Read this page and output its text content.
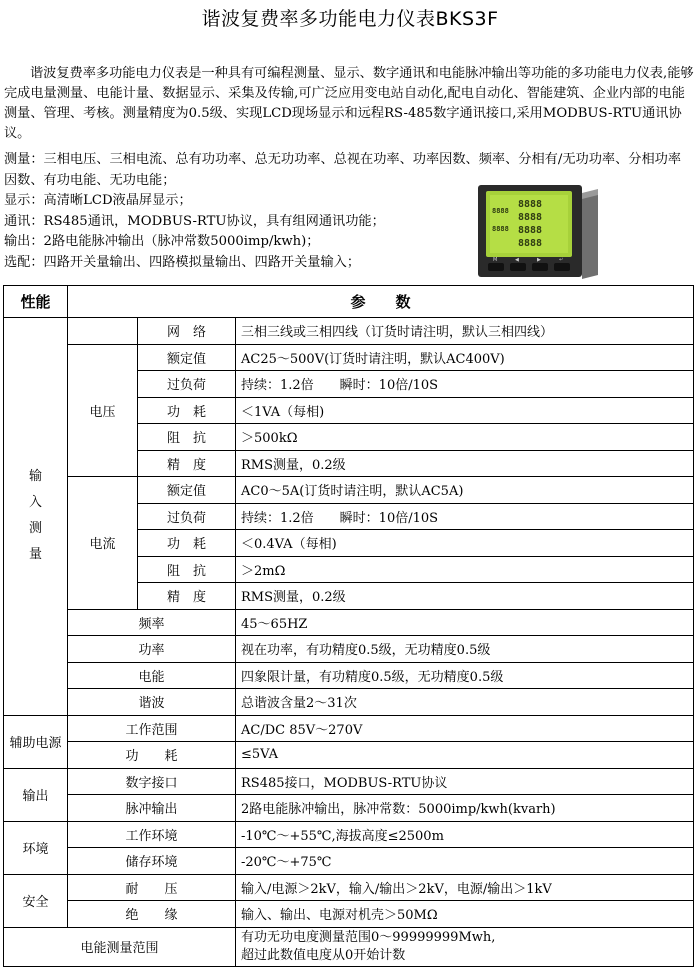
谐波复费率多功能电力仪表BKS3F

谐波复费率多功能电力仪表是一种具有可编程测量、显示、数字通讯和电能脉冲输出等功能的多功能电力仪表,能够完成电量测量、电能计量、数据显示、采集及传输,可广泛应用变电站自动化,配电自动化、智能建筑、企业内部的电能测量、管理、考核。测量精度为0.5级、实现LCD现场显示和远程RS-485数字通讯接口,采用MODBUS-RTU通讯协议。

测量：三相电压、三相电流、总有功功率、总无功功率、总视在功率、功率因数、频率、分相有/无功功率、分相功率因数、有功电能、无功电能；

显示：高清晰LCD液晶屏显示；

通讯：RS485通讯，MODBUS-RTU协议，具有组网通讯功能；

输出：2路电能脉冲输出（脉冲常数5000imp/kwh)；

选配：四路开关量输出、四路模拟量输出、四路开关量输入；

8888
8888
8888
8888
8888
8888
M	◀	▶	↵
性能	参　　数		
输入测量		网　络	三相三线或三相四线（订货时请注明，默认三相四线）
	电压	额定值	AC25～500V(订货时请注明，默认AC400V)
		过负荷	持续：1.2倍　　瞬时：10倍/10S
		功　耗	＜1VA（每相)
		阻　抗	＞500kΩ
		精　度	RMS测量，0.2级
	电流	额定值	AC0～5A(订货时请注明，默认AC5A)
		过负荷	持续：1.2倍　　瞬时：10倍/10S
		功　耗	＜0.4VA（每相)
		阻　抗	＞2mΩ
		精　度	RMS测量，0.2级
	频率		45～65HZ
	功率		视在功率，有功精度0.5级，无功精度0.5级
	电能		四象限计量，有功精度0.5级，无功精度0.5级
	谐波		总谐波含量2～31次
辅助电源	工作范围		AC/DC 85V～270V
	功　　耗		≤5VA
输出	数字接口		RS485接口，MODBUS-RTU协议
	脉冲输出		2路电能脉冲输出，脉冲常数：5000imp/kwh(kvarh)
环境	工作环境		-10℃～+55℃,海拔高度≤2500m
	储存环境		-20℃～+75℃
安全	耐　　压		输入/电源＞2kV，输入/输出＞2kV，电源/输出＞1kV
	绝　　缘		输入、输出、电源对机壳＞50MΩ
电能测量范围			有功无功电度测量范围0～99999999Mwh,
超过此数值电度从0开始计数
